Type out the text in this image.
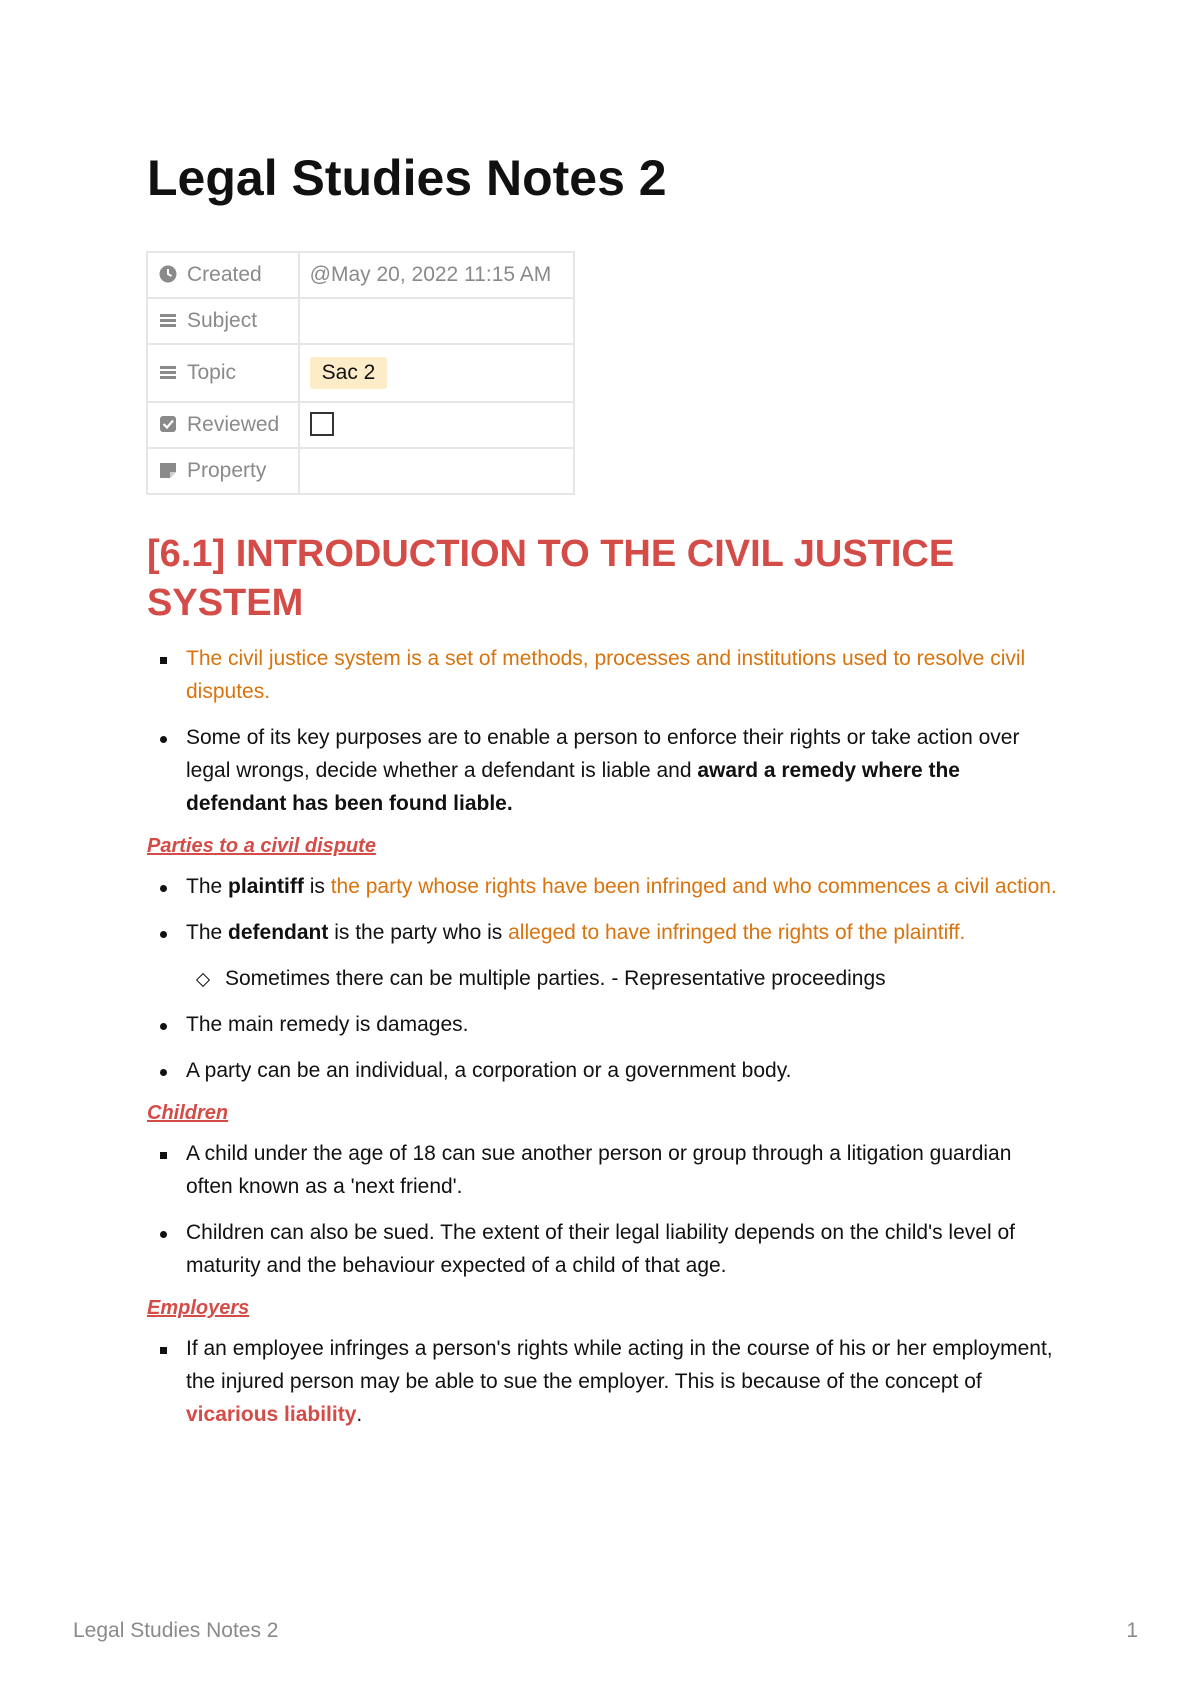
Legal Studies Notes 2
Created	@May 20, 2022 11:15 AM
Subject	
Topic	Sac 2
Reviewed	
Property	
[6.1] INTRODUCTION TO THE CIVIL JUSTICE SYSTEM
The civil justice system is a set of methods, processes and institutions used to resolve civil disputes.
Some of its key purposes are to enable a person to enforce their rights or take action over legal wrongs, decide whether a defendant is liable and award a remedy where the defendant has been found liable.
Parties to a civil dispute
The plaintiff is the party whose rights have been infringed and who commences a civil action.
The defendant is the party who is alleged to have infringed the rights of the plaintiff.
Sometimes there can be multiple parties. - Representative proceedings
The main remedy is damages.
A party can be an individual, a corporation or a government body.
Children
A child under the age of 18 can sue another person or group through a litigation guardian often known as a 'next friend'.
Children can also be sued. The extent of their legal liability depends on the child's level of maturity and the behaviour expected of a child of that age.
Employers
If an employee infringes a person's rights while acting in the course of his or her employment, the injured person may be able to sue the employer. This is because of the concept of vicarious liability.
Legal Studies Notes 2	1
